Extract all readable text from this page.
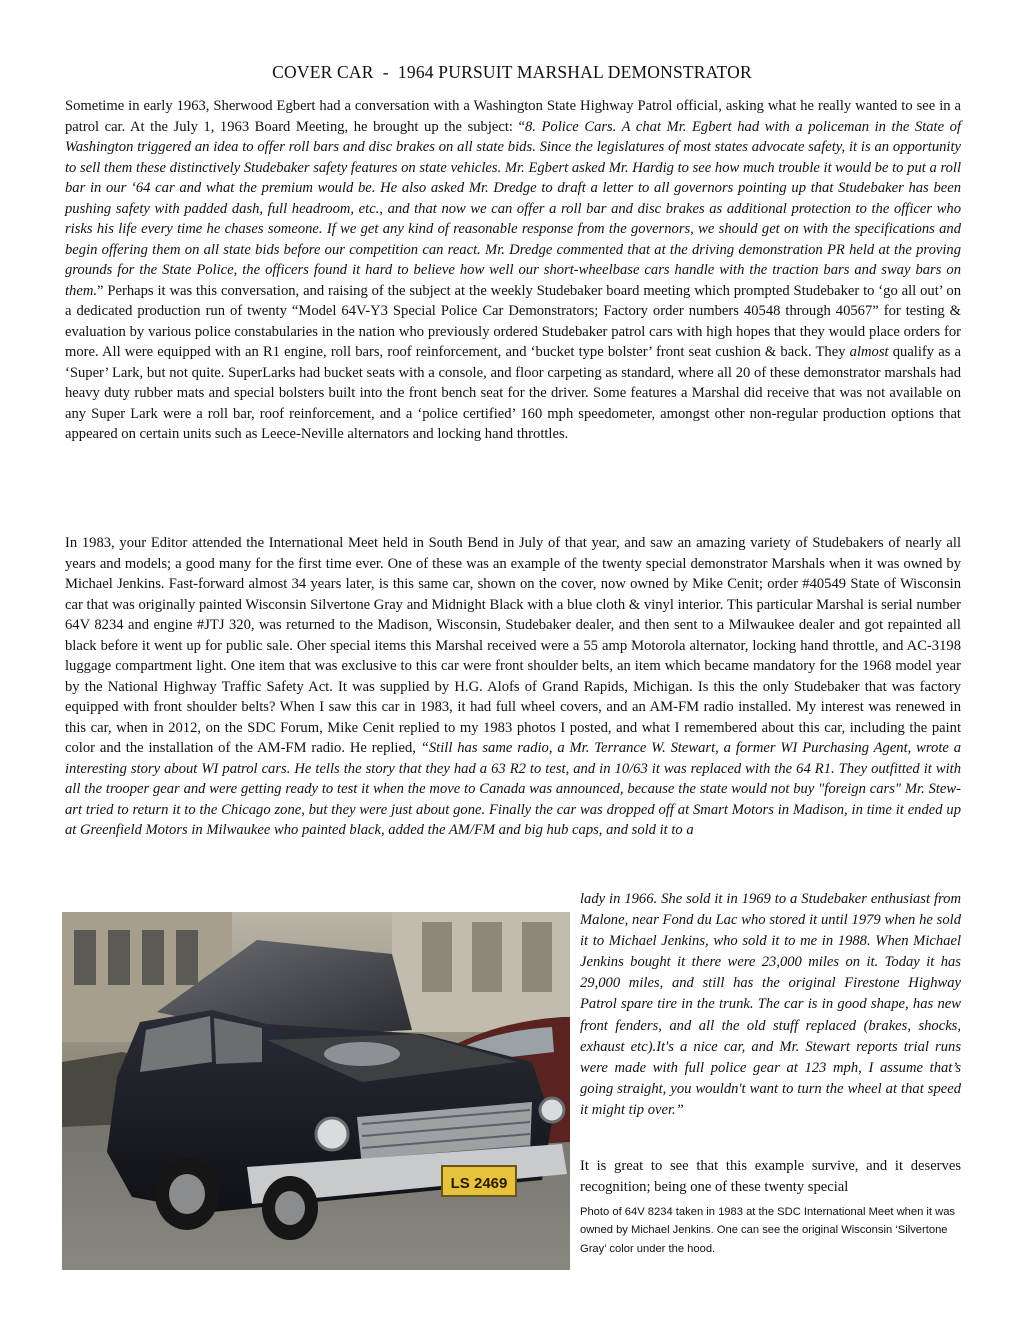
COVER CAR  -  1964 PURSUIT MARSHAL DEMONSTRATOR

Sometime in early 1963, Sherwood Egbert had a conversation with a Washington State Highway Patrol official, asking what he really wanted to see in a patrol car. At the July 1, 1963 Board Meeting, he brought up the subject: “8. Police Cars. A chat Mr. Egbert had with a policeman in the State of Washington triggered an idea to offer roll bars and disc brakes on all state bids. Since the legislatures of most states advocate safety, it is an opportunity to sell them these distinctively Studebaker safety features on state vehicles. Mr. Egbert asked Mr. Hardig to see how much trouble it would be to put a roll bar in our ‘64 car and what the premium would be. He also asked Mr. Dredge to draft a letter to all governors pointing up that Studebaker has been pushing safety with padded dash, full headroom, etc., and that now we can offer a roll bar and disc brakes as additional protection to the officer who risks his life every time he chases someone. If we get any kind of reasonable response from the governors, we should get on with the specifications and begin offering them on all state bids before our competition can react. Mr. Dredge commented that at the driving demonstration PR held at the proving grounds for the State Police, the officers found it hard to believe how well our short-wheelbase cars handle with the traction bars and sway bars on them.” Perhaps it was this conversation, and raising of the subject at the weekly Studebaker board meeting which prompted Studebaker to ‘go all out’ on a dedicated production run of twenty “Model 64V-Y3 Special Police Car Demonstrators; Factory order numbers 40548 through 40567” for testing & evaluation by various police constabularies in the nation who previously ordered Studebaker patrol cars with high hopes that they would place orders for more. All were equipped with an R1 engine, roll bars, roof reinforcement, and ‘bucket type bolster’ front seat cushion & back. They almost qualify as a ‘Super’ Lark, but not quite. SuperLarks had bucket seats with a console, and floor carpeting as standard, where all 20 of these demonstrator marshals had heavy duty rubber mats and special bolsters built into the front bench seat for the driver. Some features a Marshal did receive that was not available on any Super Lark were a roll bar, roof reinforcement, and a ‘police certified’ 160 mph speedometer, amongst other non-regular production options that appeared on certain units such as Leece-Neville alternators and locking hand throttles.

In 1983, your Editor attended the International Meet held in South Bend in July of that year, and saw an amazing variety of Studebakers of nearly all years and models; a good many for the first time ever. One of these was an example of the twenty special demonstrator Marshals when it was owned by Michael Jenkins. Fast-forward almost 34 years later, is this same car, shown on the cover, now owned by Mike Cenit; order #40549 State of Wisconsin car that was originally painted Wisconsin Silvertone Gray and Midnight Black with a blue cloth & vinyl interior. This particular Marshal is serial number 64V 8234 and engine #JTJ 320, was returned to the Madison, Wisconsin, Studebaker dealer, and then sent to a Milwaukee dealer and got repainted all black before it went up for public sale. Oher special items this Marshal received were a 55 amp Motorola alternator, locking hand throttle, and AC-3198 luggage compartment light. One item that was exclusive to this car were front shoulder belts, an item which became mandatory for the 1968 model year by the National Highway Traffic Safety Act. It was supplied by H.G. Alofs of Grand Rapids, Michigan. Is this the only Studebaker that was factory equipped with front shoulder belts? When I saw this car in 1983, it had full wheel covers, and an AM-FM radio installed. My interest was renewed in this car, when in 2012, on the SDC Forum, Mike Cenit replied to my 1983 photos I posted, and what I remembered about this car, including the paint color and the installation of the AM-FM radio. He replied, “Still has same radio, a Mr. Terrance W. Stewart, a former WI Purchasing Agent, wrote a interesting story about WI patrol cars. He tells the story that they had a 63 R2 to test, and in 10/63 it was replaced with the 64 R1. They outfitted it with all the trooper gear and were getting ready to test it when the move to Canada was announced, because the state would not buy "foreign cars" Mr. Stewart tried to return it to the Chicago zone, but they were just about gone. Finally the car was dropped off at Smart Motors in Madison, in time it ended up at Greenfield Motors in Milwaukee who painted black, added the AM/FM and big hub caps, and sold it to a

LS 2469

lady in 1966. She sold it in 1969 to a Studebaker enthusiast from Malone, near Fond du Lac who stored it until 1979 when he sold it to Michael Jenkins, who sold it to me in 1988. When Michael Jenkins bought it there were 23,000 miles on it. Today it has 29,000 miles, and still has the original Firestone Highway Patrol spare tire in the trunk. The car is in good shape, has new front fenders, and all the old stuff replaced (brakes, shocks, exhaust etc).It's a nice car, and Mr. Stewart reports trial runs were made with full police gear at 123 mph, I assume that’s going straight, you wouldn't want to turn the wheel at that speed it might tip over.”

It is great to see that this example survive, and it deserves recognition; being one of these twenty special

Photo of 64V 8234 taken in 1983 at the SDC International Meet when it was owned by Michael Jenkins. One can see the original Wisconsin ‘Silvertone Gray’ color under the hood.
